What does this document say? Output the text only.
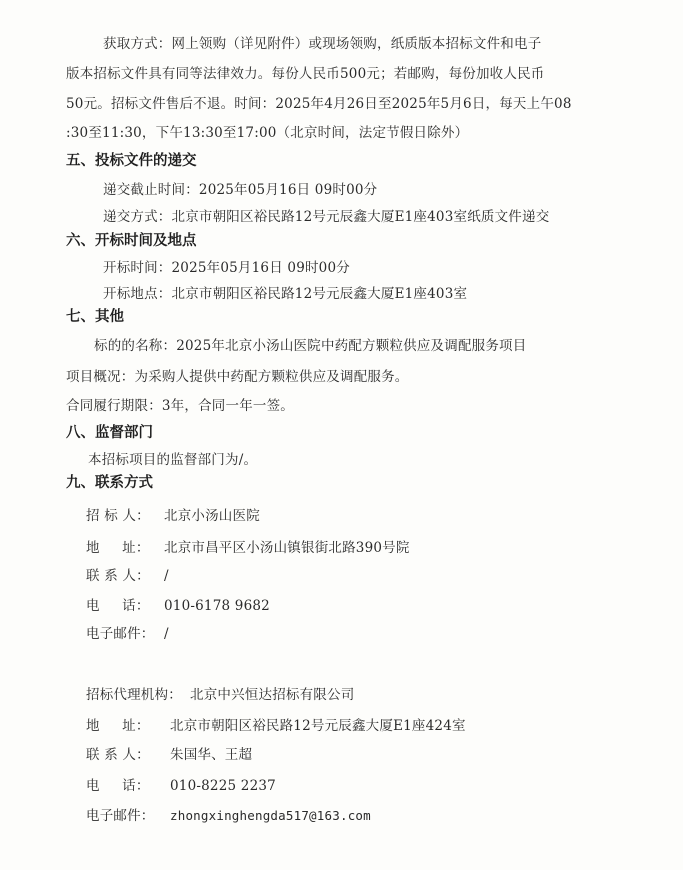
获取方式：网上领购（详见附件）或现场领购，纸质版本招标文件和电子
版本招标文件具有同等法律效力。每份人民币500元；若邮购，每份加收人民币
50元。招标文件售后不退。时间：2025年4月26日至2025年5月6日，每天上午08
:30至11:30，下午13:30至17:00（北京时间，法定节假日除外）
五、投标文件的递交
递交截止时间：2025年05月16日 09时00分
递交方式：北京市朝阳区裕民路12号元辰鑫大厦E1座403室纸质文件递交
六、开标时间及地点
开标时间：2025年05月16日 09时00分
开标地点：北京市朝阳区裕民路12号元辰鑫大厦E1座403室
七、其他
标的的名称：2025年北京小汤山医院中药配方颗粒供应及调配服务项目
项目概况：为采购人提供中药配方颗粒供应及调配服务。
合同履行期限：3年，合同一年一签。
八、监督部门
本招标项目的监督部门为/。
九、联系方式
招 标 人： 北京小汤山医院
地     址： 北京市昌平区小汤山镇银街北路390号院
联 系 人： /
电     话： 010-6178 9682
电子邮件： /
招标代理机构： 北京中兴恒达招标有限公司
地     址： 北京市朝阳区裕民路12号元辰鑫大厦E1座424室
联 系 人： 朱国华、王超
电     话： 010-8225 2237
电子邮件： zhongxinghengda517@163.com
